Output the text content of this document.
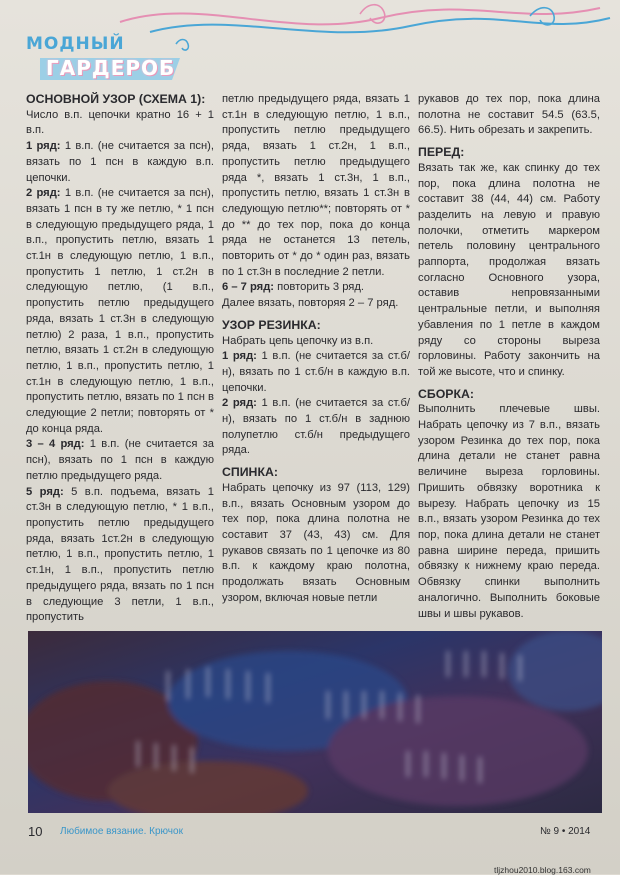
МОДНЫЙ
ГАРДЕРОБ
ОСНОВНОЙ УЗОР (СХЕМА 1):

Число в.п. цепочки кратно 16 + 1 в.п.

1 ряд: 1 в.п. (не считается за псн), вязать по 1 псн в каждую в.п. цепочки.

2 ряд: 1 в.п. (не считается за псн), вязать 1 псн в ту же петлю, * 1 псн в следующую предыдущего ряда, 1 в.п., пропустить петлю, вязать 1 ст.1н в следующую петлю, 1 в.п., пропустить 1 петлю, 1 ст.2н в следующую петлю, (1 в.п., пропустить петлю предыдущего ряда, вязать 1 ст.3н в следующую петлю) 2 раза, 1 в.п., пропустить петлю, вязать 1 ст.2н в следующую петлю, 1 в.п., пропустить петлю, 1 ст.1н в следующую петлю, 1 в.п., пропустить петлю, вязать по 1 псн в следующие 2 петли; повторять от * до конца ряда.

3 – 4 ряд: 1 в.п. (не считается за псн), вязать по 1 псн в каждую петлю предыдущего ряда.

5 ряд: 5 в.п. подъема, вязать 1 ст.3н в следующую петлю, * 1 в.п., пропустить петлю предыдущего ряда, вязать 1ст.2н в следующую петлю, 1 в.п., пропустить петлю, 1 ст.1н, 1 в.п., пропустить петлю предыдущего ряда, вязать по 1 псн в следующие 3 петли, 1 в.п., пропустить

петлю предыдущего ряда, вязать 1 ст.1н в следующую петлю, 1 в.п., пропустить петлю предыдущего ряда, вязать 1 ст.2н, 1 в.п., пропустить петлю предыдущего ряда *, вязать 1 ст.3н, 1 в.п., пропустить петлю, вязать 1 ст.3н в следующую петлю**; повторять от * до ** до тех пор, пока до конца ряда не останется 13 петель, повторить от * до * один раз, вязать по 1 ст.3н в последние 2 петли.

6 – 7 ряд: повторить 3 ряд.

Далее вязать, повторяя 2 – 7 ряд.

УЗОР РЕЗИНКА:

Набрать цепь цепочку из в.п.

1 ряд: 1 в.п. (не считается за ст.б/н), вязать по 1 ст.б/н в каждую в.п. цепочки.

2 ряд: 1 в.п. (не считается за ст.б/н), вязать по 1 ст.б/н в заднюю полупетлю ст.б/н предыдущего ряда.

СПИНКА:

Набрать цепочку из 97 (113, 129) в.п., вязать Основным узором до тех пор, пока длина полотна не составит 37 (43, 43) см. Для рукавов связать по 1 цепочке из 80 в.п. к каждому краю полотна, продолжать вязать Основным узором, включая новые петли

рукавов до тех пор, пока длина полотна не составит 54.5 (63.5, 66.5). Нить обрезать и закрепить.

ПЕРЕД:

Вязать так же, как спинку до тех пор, пока длина полотна не составит 38 (44, 44) см. Работу разделить на левую и правую полочки, отметить маркером петель половину центрального раппорта, продолжая вязать согласно Основного узора, оставив непровязанными центральные петли, и выполняя убавления по 1 петле в каждом ряду со стороны выреза горловины. Работу закончить на той же высоте, что и спинку.

СБОРКА:

Выполнить плечевые швы. Набрать цепочку из 7 в.п., вязать узором Резинка до тех пор, пока длина детали не станет равна величине выреза горловины. Пришить обвязку воротника к вырезу. Набрать цепочку из 15 в.п., вязать узором Резинка до тех пор, пока длина детали не станет равна ширине переда, пришить обвязку к нижнему краю переда. Обвязку спинки выполнить аналогично. Выполнить боковые швы и швы рукавов.

10 Любимое вязание. Крючок	№ 9 • 2014
tljzhou2010.blog.163.com
